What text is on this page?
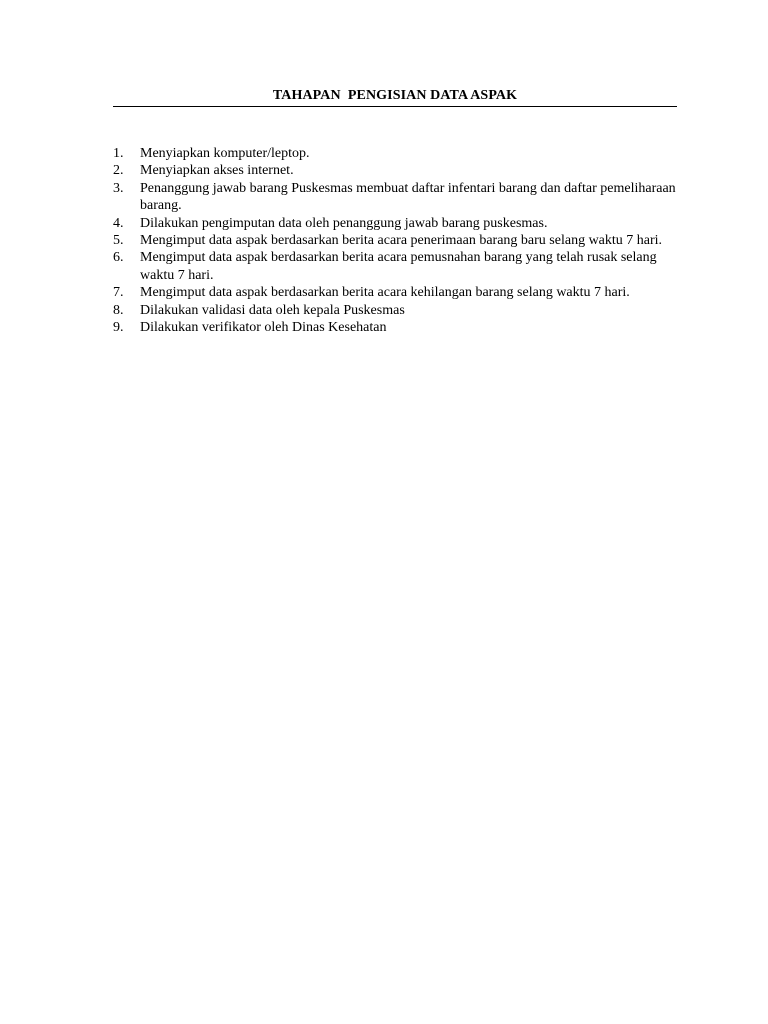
TAHAPAN  PENGISIAN DATA ASPAK
1. Menyiapkan komputer/leptop.
2. Menyiapkan akses internet.
3. Penanggung jawab barang Puskesmas membuat daftar infentari barang dan daftar pemeliharaan barang.
4. Dilakukan pengimputan data oleh penanggung jawab barang puskesmas.
5. Mengimput data aspak berdasarkan berita acara penerimaan barang baru selang waktu 7 hari.
6. Mengimput data aspak berdasarkan berita acara pemusnahan barang yang telah rusak selang waktu 7 hari.
7. Mengimput data aspak berdasarkan berita acara kehilangan barang selang waktu 7 hari.
8. Dilakukan validasi data oleh kepala Puskesmas
9. Dilakukan verifikator oleh Dinas Kesehatan
